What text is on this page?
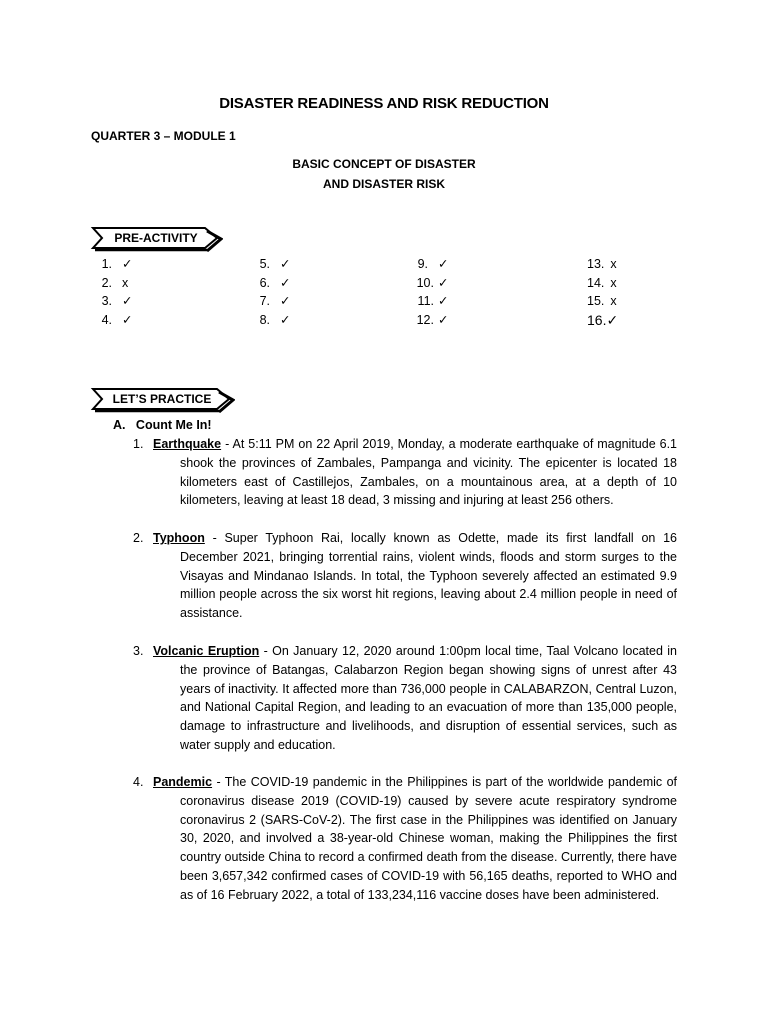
DISASTER READINESS AND RISK REDUCTION
QUARTER 3 – MODULE 1
BASIC CONCEPT OF DISASTER
AND DISASTER RISK
PRE-ACTIVITY
1. ✓
2. x
3. ✓
4. ✓
5. ✓
6. ✓
7. ✓
8. ✓
9. ✓
10. ✓
11. ✓
12. ✓
13. x
14. x
15. x
16.✓
LET’S PRACTICE
A.   Count Me In!

1. Earthquake - At 5:11 PM on 22 April 2019, Monday, a moderate earthquake of magnitude 6.1 shook the provinces of Zambales, Pampanga and vicinity. The epicenter is located 18 kilometers east of Castillejos, Zambales, on a mountainous area, at a depth of 10 kilometers, leaving at least 18 dead, 3 missing and injuring at least 256 others.

2. Typhoon - Super Typhoon Rai, locally known as Odette, made its first landfall on 16 December 2021, bringing torrential rains, violent winds, floods and storm surges to the Visayas and Mindanao Islands. In total, the Typhoon severely affected an estimated 9.9 million people across the six worst hit regions, leaving about 2.4 million people in need of assistance.

3. Volcanic Eruption - On January 12, 2020 around 1:00pm local time, Taal Volcano located in the province of Batangas, Calabarzon Region began showing signs of unrest after 43 years of inactivity. It affected more than 736,000 people in CALABARZON, Central Luzon, and National Capital Region, and leading to an evacuation of more than 135,000 people, damage to infrastructure and livelihoods, and disruption of essential services, such as water supply and education.

4. Pandemic - The COVID-19 pandemic in the Philippines is part of the worldwide pandemic of coronavirus disease 2019 (COVID-19) caused by severe acute respiratory syndrome coronavirus 2 (SARS-CoV-2). The first case in the Philippines was identified on January 30, 2020, and involved a 38-year-old Chinese woman, making the Philippines the first country outside China to record a confirmed death from the disease. Currently, there have been 3,657,342 confirmed cases of COVID-19 with 56,165 deaths, reported to WHO and as of 16 February 2022, a total of 133,234,116 vaccine doses have been administered.
